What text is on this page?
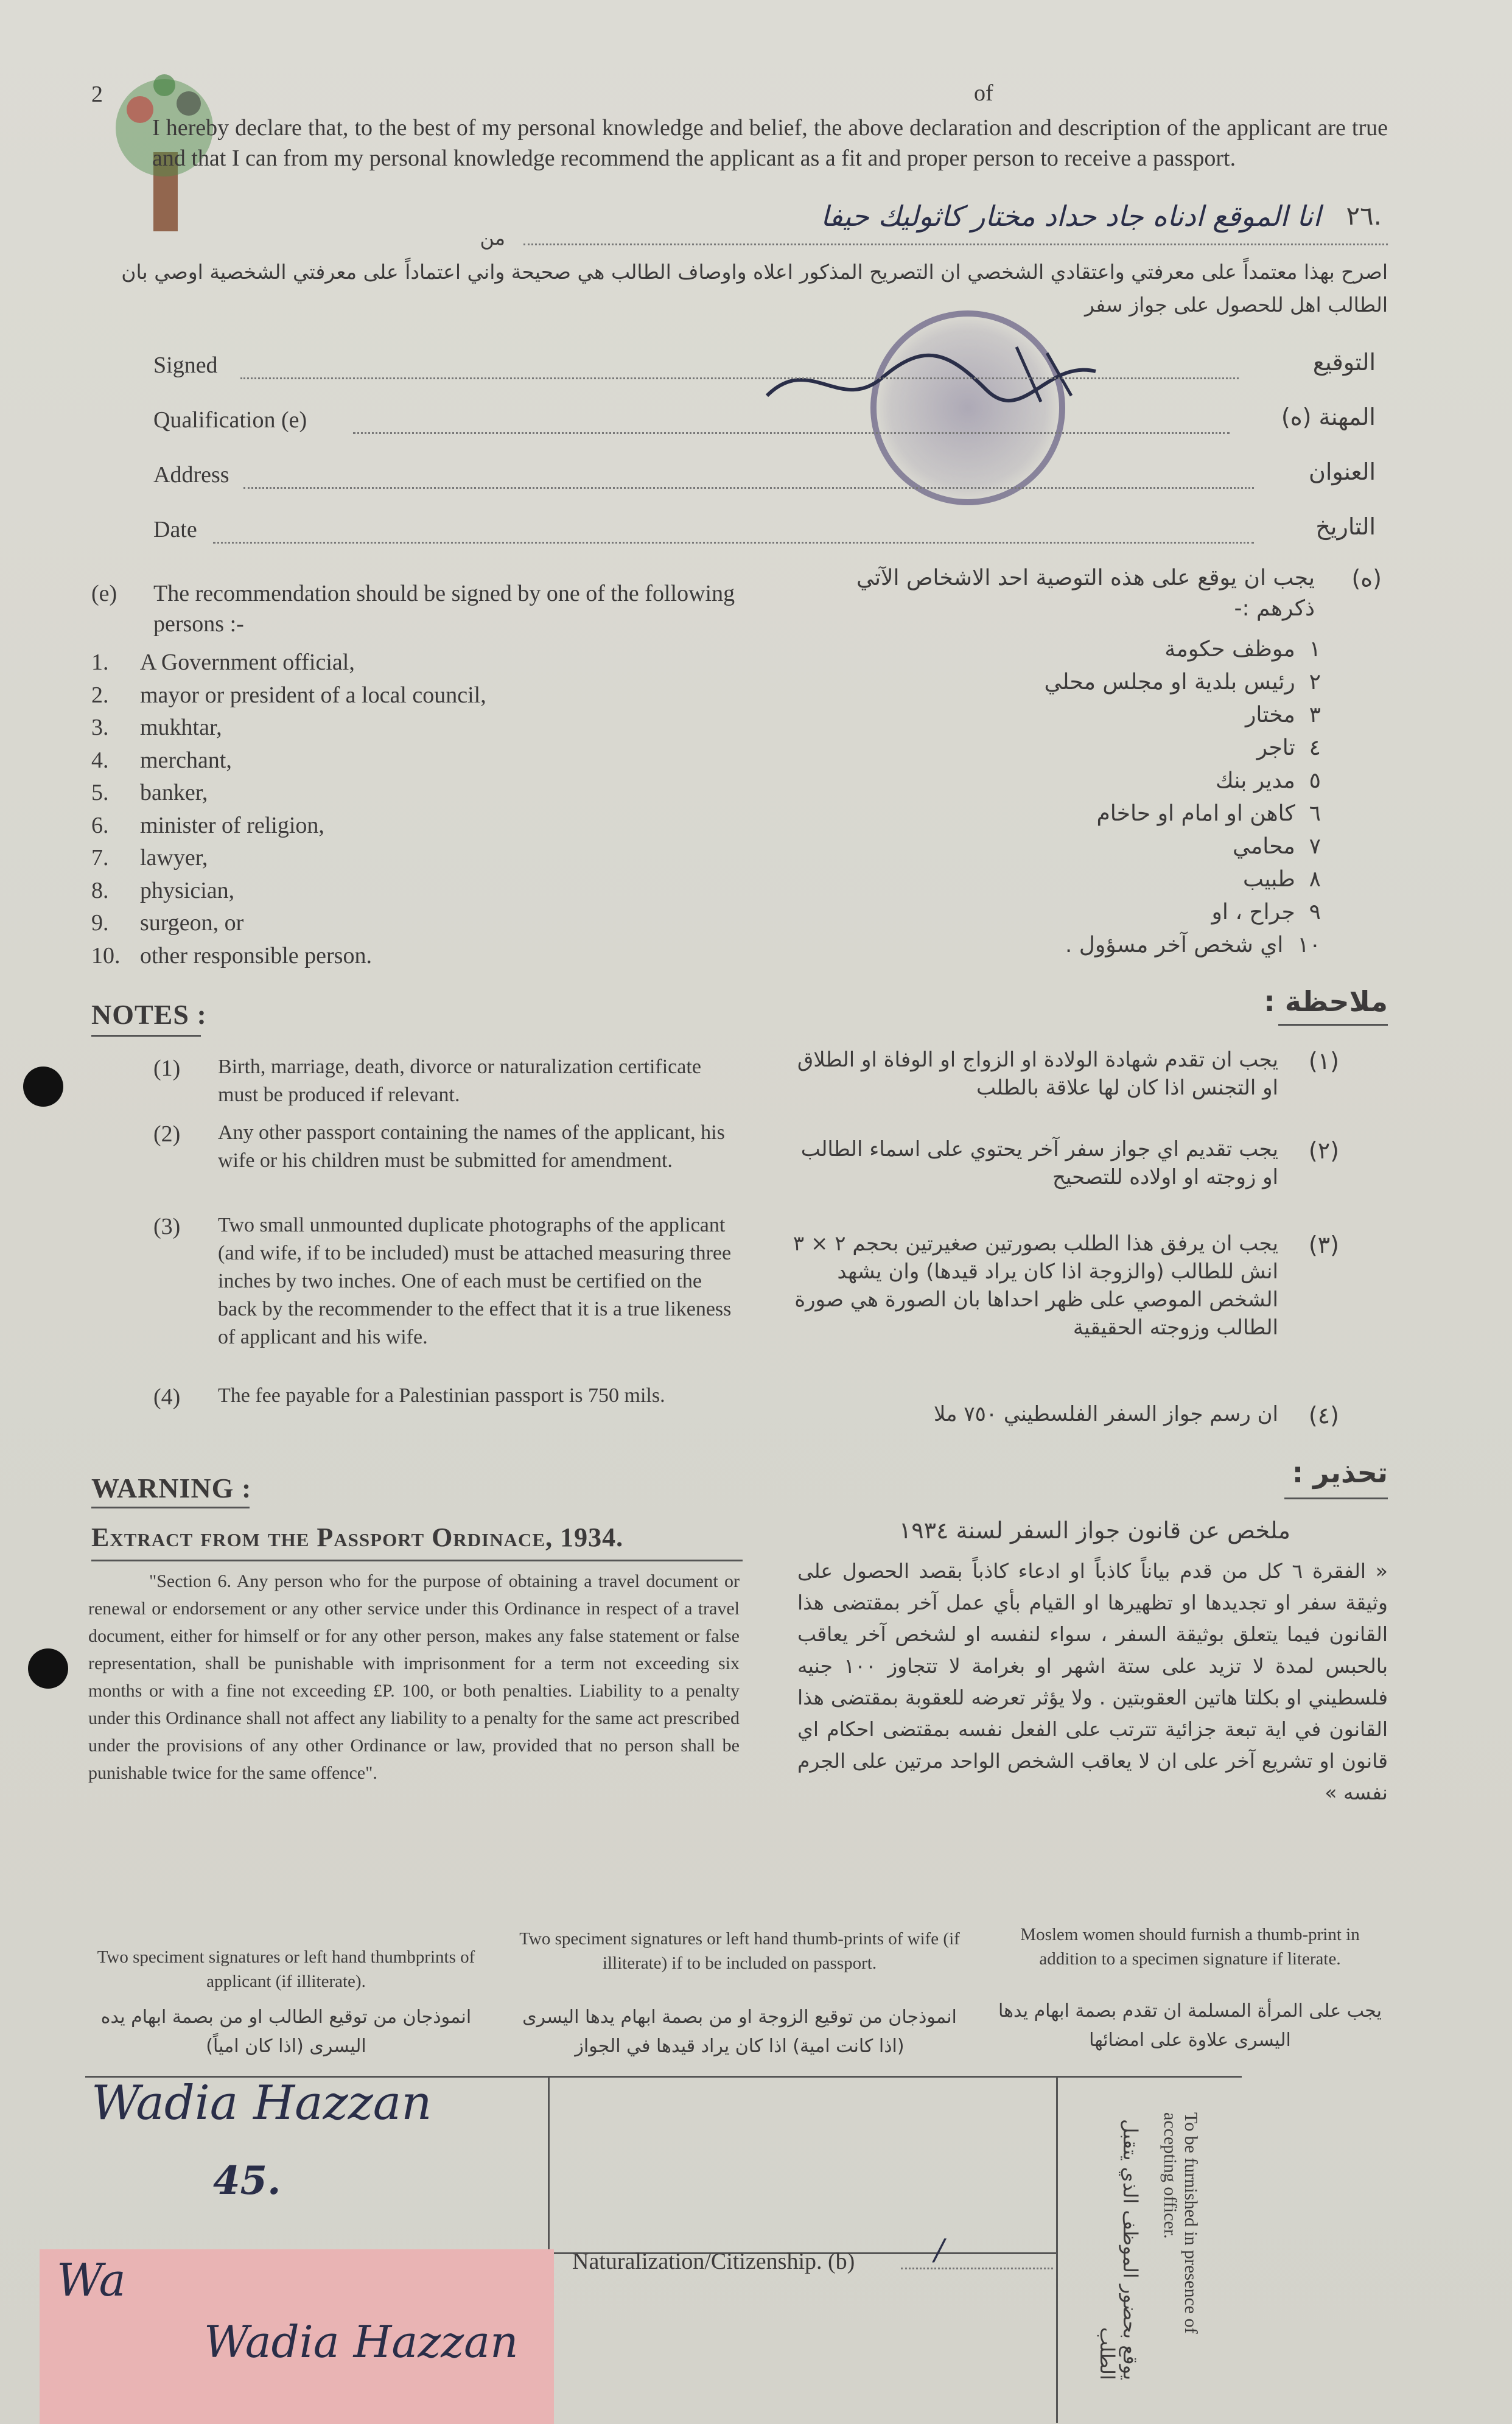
2	of
I hereby declare that, to the best of my personal knowledge and belief, the above declaration and description of the applicant are true and that I can from my personal knowledge recommend the applicant as a fit and proper person to receive a passport.
.٢٦
انا الموقع ادناه جاد حداد مختار كاثوليك حيفا
من
اصرح بهذا معتمداً على معرفتي واعتقادي الشخصي ان التصريح المذكور اعلاه واوصاف الطالب هي صحيحة واني اعتماداً على معرفتي الشخصية اوصي بان الطالب اهل للحصول على جواز سفر
Signed	التوقيع
Qualification (e)	المهنة (ه)
Address	العنوان
Date	التاريخ
(e) The recommendation should be signed by one of the following persons :-
1. A Government official,
2. mayor or president of a local council,
3. mukhtar,
4. merchant,
5. banker,
6. minister of religion,
7. lawyer,
8. physician,
9. surgeon, or
10. other responsible person.
(ه)
يجب ان يوقع على هذه التوصية احد الاشخاص الآتي ذكرهم :-
١  موظف حكومة
٢  رئيس بلدية او مجلس محلي
٣  مختار
٤  تاجر
٥  مدير بنك
٦  كاهن او امام او حاخام
٧  محامي
٨  طبيب
٩  جراح ، او
١٠  اي شخص آخر مسؤول .
NOTES :	ملاحظة :
(1) Birth, marriage, death, divorce or naturalization certificate must be produced if relevant.
(١)
يجب ان تقدم شهادة الولادة او الزواج او الوفاة او الطلاق او التجنس اذا كان لها علاقة بالطلب
(2) Any other passport containing the names of the applicant, his wife or his children must be submitted for amendment.	(٢)
يجب تقديم اي جواز سفر آخر يحتوي على اسماء الطالب او زوجته او اولاده للتصحيح
(3) Two small unmounted duplicate photographs of the applicant (and wife, if to be included) must be attached measuring three inches by two inches. One of each must be certified on the back by the recommender to the effect that it is a true likeness of applicant and his wife.
(٣)
يجب ان يرفق هذا الطلب بصورتين صغيرتين بحجم ٢ × ٣ انش للطالب (والزوجة اذا كان يراد قيدها) وان يشهد الشخص الموصي على ظهر احداها بان الصورة هي صورة الطالب وزوجته الحقيقية
(4) The fee payable for a Palestinian passport is 750 mils.
(٤)
ان رسم جواز السفر الفلسطيني ٧٥٠ ملا
WARNING :	تحذير :
Extract from the Passport Ordinace, 1934.	ملخص عن قانون جواز السفر لسنة ١٩٣٤
"Section 6. Any person who for the purpose of obtaining a travel document or renewal or endorsement or any other service under this Ordinance in respect of a travel document, either for himself or for any other person, makes any false statement or false representation, shall be punishable with imprisonment for a term not exceeding six months or with a fine not exceeding £P. 100, or both penalties. Liability to a penalty under this Ordinance shall not affect any liability to a penalty for the same act prescribed under the provisions of any other Ordinance or law, provided that no person shall be punishable twice for the same offence".
« الفقرة ٦ كل من قدم بياناً كاذباً او ادعاء كاذباً بقصد الحصول على وثيقة سفر او تجديدها او تظهيرها او القيام بأي عمل آخر بمقتضى هذا القانون فيما يتعلق بوثيقة السفر ، سواء لنفسه او لشخص آخر يعاقب بالحبس لمدة لا تزيد على ستة اشهر او بغرامة لا تتجاوز ١٠٠ جنيه فلسطيني او بكلتا هاتين العقوبتين . ولا يؤثر تعرضه للعقوبة بمقتضى هذا القانون في اية تبعة جزائية تترتب على الفعل نفسه بمقتضى احكام اي قانون او تشريع آخر على ان لا يعاقب الشخص الواحد مرتين على الجرم نفسه »
Two speciment signatures or left hand thumbprints of applicant (if illiterate).
انموذجان من توقيع الطالب او من بصمة ابهام يده اليسرى (اذا كان امياً)
Two speciment signatures or left hand thumb-prints of wife (if illiterate) if to be included on passport.
انموذجان من توقيع الزوجة او من بصمة ابهام يدها اليسرى (اذا كانت امية) اذا كان يراد قيدها في الجواز
Moslem women should furnish a thumb-print in addition to a specimen signature if literate.
يجب على المرأة المسلمة ان تقدم بصمة ابهام يدها اليسرى علاوة على امضائها
Wadia Hazzan
45.
Wa
Wadia Hazzan
Naturalization/Citizenship. (b)	/	To be furnished in presence of accepting officer.
يوقع بحضور الموظف الذي يتقبل الطلب
